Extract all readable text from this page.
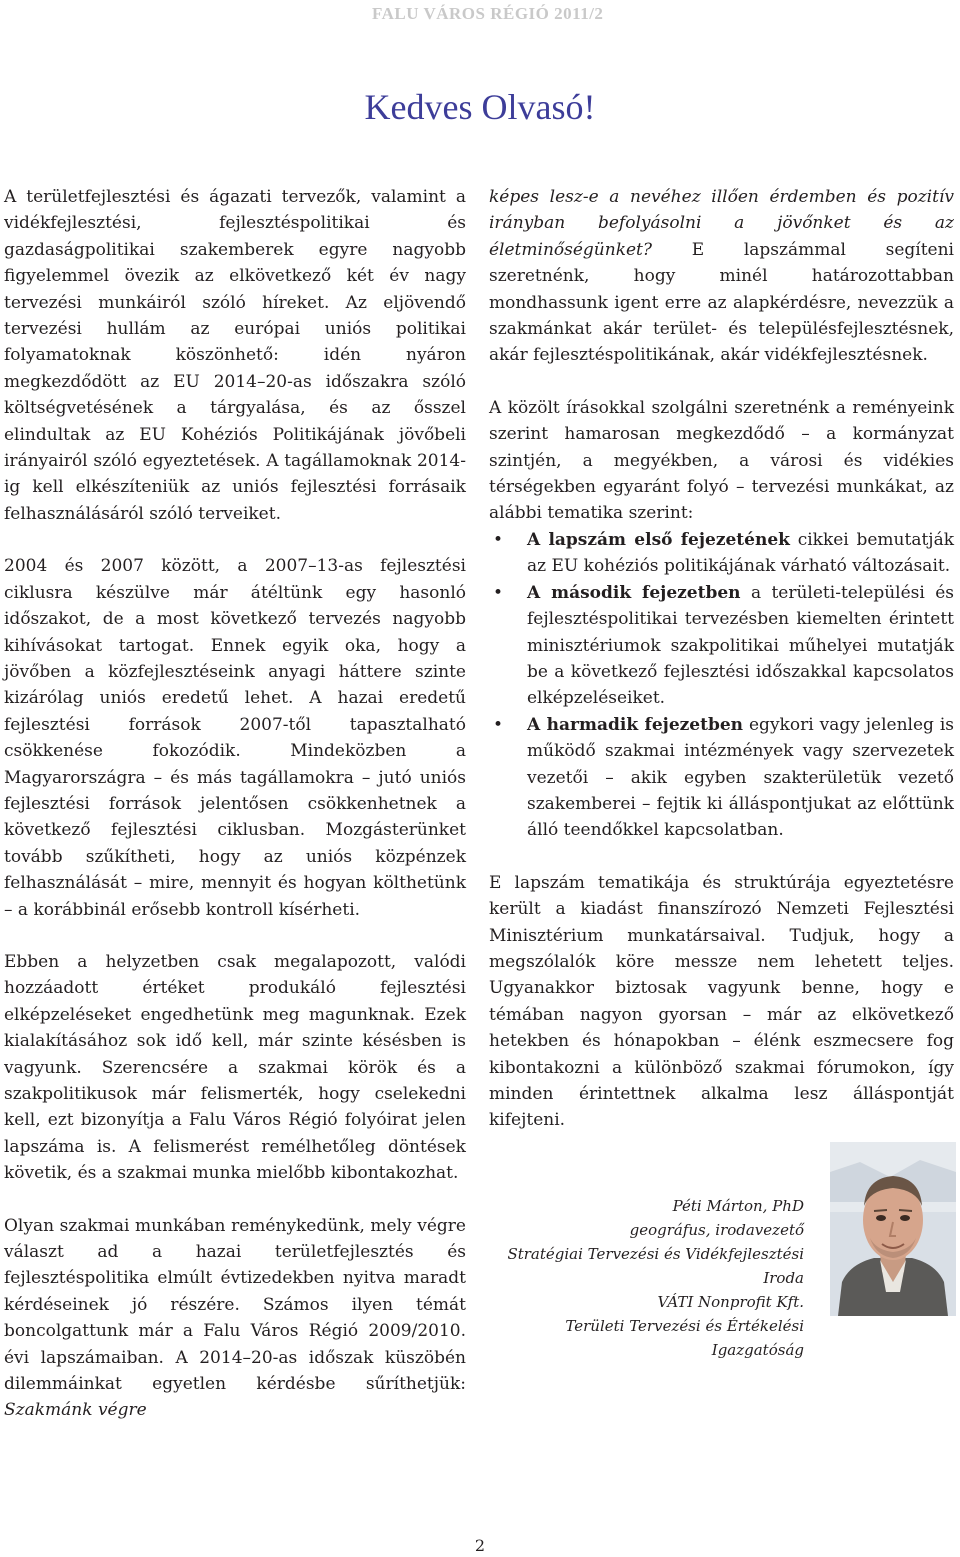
FALU VÁROS RÉGIÓ 2011/2
Kedves Olvasó!

A területfejlesztési és ágazati tervezők, valamint a vidékfejlesztési, fejlesztéspolitikai és gazdaságpolitikai szakemberek egyre nagyobb figyelemmel övezik az elkövetkező két év nagy tervezési munkáiról szóló híreket. Az eljövendő tervezési hullám az európai uniós politikai folyamatoknak köszönhető: idén nyáron megkezdődött az EU 2014–20-as időszakra szóló költségvetésének a tárgyalása, és az ősszel elindultak az EU Kohéziós Politikájának jövőbeli irányairól szóló egyeztetések. A tagállamoknak 2014-ig kell elkészíteniük az uniós fejlesztési forrásaik felhasználásáról szóló terveiket.

2004 és 2007 között, a 2007–13-as fejlesztési ciklusra készülve már átéltünk egy hasonló időszakot, de a most következő tervezés nagyobb kihívásokat tartogat. Ennek egyik oka, hogy a jövőben a közfejlesztéseink anyagi háttere szinte kizárólag uniós eredetű lehet. A hazai eredetű fejlesztési források 2007-től tapasztalható csökkenése fokozódik. Mindeközben a Magyarországra – és más tagállamokra – jutó uniós fejlesztési források jelentősen csökkenhetnek a következő fejlesztési ciklusban. Mozgásterünket tovább szűkítheti, hogy az uniós közpénzek felhasználását – mire, mennyit és hogyan költhetünk – a korábbinál erősebb kontroll kísérheti.

Ebben a helyzetben csak megalapozott, valódi hozzáadott értéket produkáló fejlesztési elképzeléseket engedhetünk meg magunknak. Ezek kialakításához sok idő kell, már szinte késésben is vagyunk. Szerencsére a szakmai körök és a szakpolitikusok már felismerték, hogy cselekedni kell, ezt bizonyítja a Falu Város Régió folyóirat jelen lapszáma is. A felismerést remélhetőleg döntések követik, és a szakmai munka mielőbb kibontakozhat.

Olyan szakmai munkában reménykedünk, mely végre választ ad a hazai területfejlesztés és fejlesztéspolitika elmúlt évtizedekben nyitva maradt kérdéseinek jó részére. Számos ilyen témát boncolgattunk már a Falu Város Régió 2009/2010. évi lapszámaiban. A 2014–20-as időszak küszöbén dilemmáinkat egyetlen kérdésbe sűríthetjük: Szakmánk végre

képes lesz-e a nevéhez illően érdemben és pozitív irányban befolyásolni a jövőnket és az életminőségünket? E lapszámmal segíteni szeretnénk, hogy minél határozottabban mondhassunk igent erre az alapkérdésre, nevezzük a szakmánkat akár terület- és településfejlesztésnek, akár fejlesztéspolitikának, akár vidékfejlesztésnek.

A közölt írásokkal szolgálni szeretnénk a reményeink szerint hamarosan megkezdődő – a kormányzat szintjén, a megyékben, a városi és vidékies térségekben egyaránt folyó – tervezési munkákat, az alábbi tematika szerint:

• A lapszám első fejezetének cikkei bemutatják az EU kohéziós politikájának várható változásait.
• A második fejezetben a területi-települési és fejlesztéspolitikai tervezésben kiemelten érintett minisztériumok szakpolitikai műhelyei mutatják be a következő fejlesztési időszakkal kapcsolatos elképzeléseiket.
• A harmadik fejezetben egykori vagy jelenleg is működő szakmai intézmények vagy szervezetek vezetői – akik egyben szakterületük vezető szakemberei – fejtik ki álláspontjukat az előttünk álló teendőkkel kapcsolatban.

E lapszám tematikája és struktúrája egyeztetésre került a kiadást finanszírozó Nemzeti Fejlesztési Minisztérium munkatársaival. Tudjuk, hogy a megszólalók köre messze nem lehetett teljes. Ugyanakkor biztosak vagyunk benne, hogy e témában nagyon gyorsan – már az elkövetkező hetekben és hónapokban – élénk eszmecsere fog kibontakozni a különböző szakmai fórumokon, így minden érintettnek alkalma lesz álláspontját kifejteni.

Péti Márton, PhD
geográfus, irodavezető
Stratégiai Tervezési és Vidékfejlesztési Iroda
VÁTI Nonprofit Kft.
Területi Tervezési és Értékelési Igazgatóság
2
